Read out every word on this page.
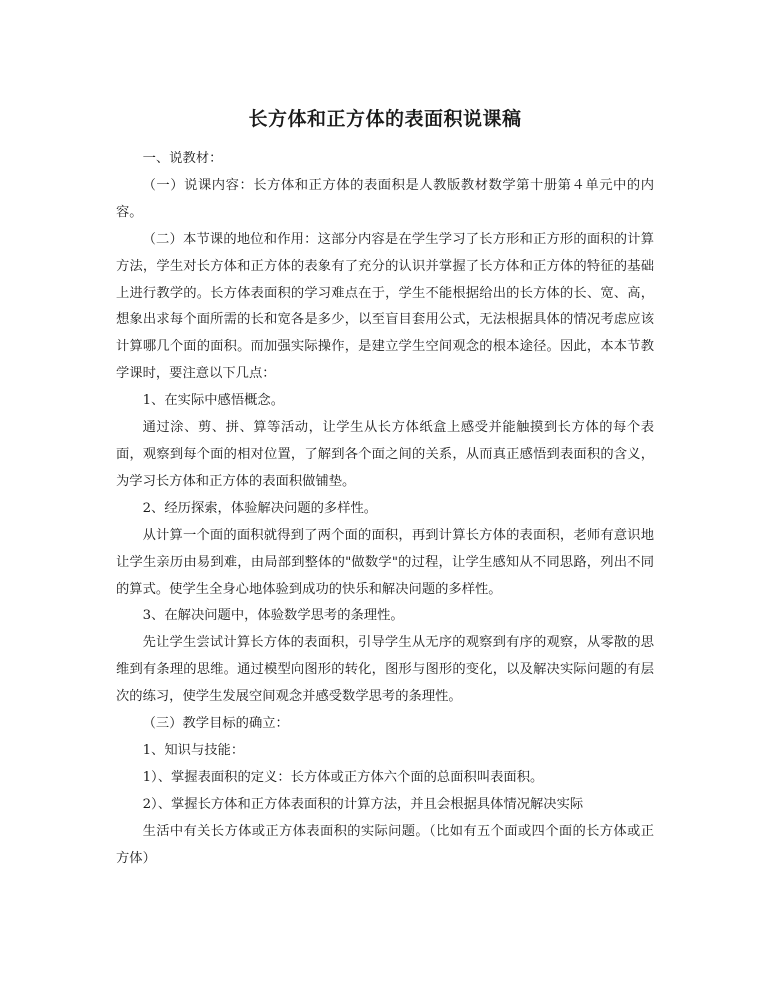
长方体和正方体的表面积说课稿

一、说教材：

（一）说课内容：长方体和正方体的表面积是人教版教材数学第十册第４单元中的内容。

（二）本节课的地位和作用：这部分内容是在学生学习了长方形和正方形的面积的计算方法，学生对长方体和正方体的表象有了充分的认识并掌握了长方体和正方体的特征的基础上进行教学的。长方体表面积的学习难点在于，学生不能根据给出的长方体的长、宽、高，想象出求每个面所需的长和宽各是多少，以至盲目套用公式，无法根据具体的情况考虑应该计算哪几个面的面积。而加强实际操作，是建立学生空间观念的根本途径。因此，本本节教学课时，要注意以下几点：

1、在实际中感悟概念。

通过涂、剪、拼、算等活动，让学生从长方体纸盒上感受并能触摸到长方体的每个表面，观察到每个面的相对位置，了解到各个面之间的关系，从而真正感悟到表面积的含义，为学习长方体和正方体的表面积做铺垫。

2、经历探索，体验解决问题的多样性。

从计算一个面的面积就得到了两个面的面积，再到计算长方体的表面积，老师有意识地让学生亲历由易到难，由局部到整体的"做数学"的过程，让学生感知从不同思路，列出不同的算式。使学生全身心地体验到成功的快乐和解决问题的多样性。

3、在解决问题中，体验数学思考的条理性。

先让学生尝试计算长方体的表面积，引导学生从无序的观察到有序的观察，从零散的思维到有条理的思维。通过模型向图形的转化，图形与图形的变化，以及解决实际问题的有层次的练习，使学生发展空间观念并感受数学思考的条理性。

（三）教学目标的确立：

1、知识与技能：

1）、掌握表面积的定义：长方体或正方体六个面的总面积叫表面积。

2）、掌握长方体和正方体表面积的计算方法，并且会根据具体情况解决实际

生活中有关长方体或正方体表面积的实际问题。（比如有五个面或四个面的长方体或正方体）
